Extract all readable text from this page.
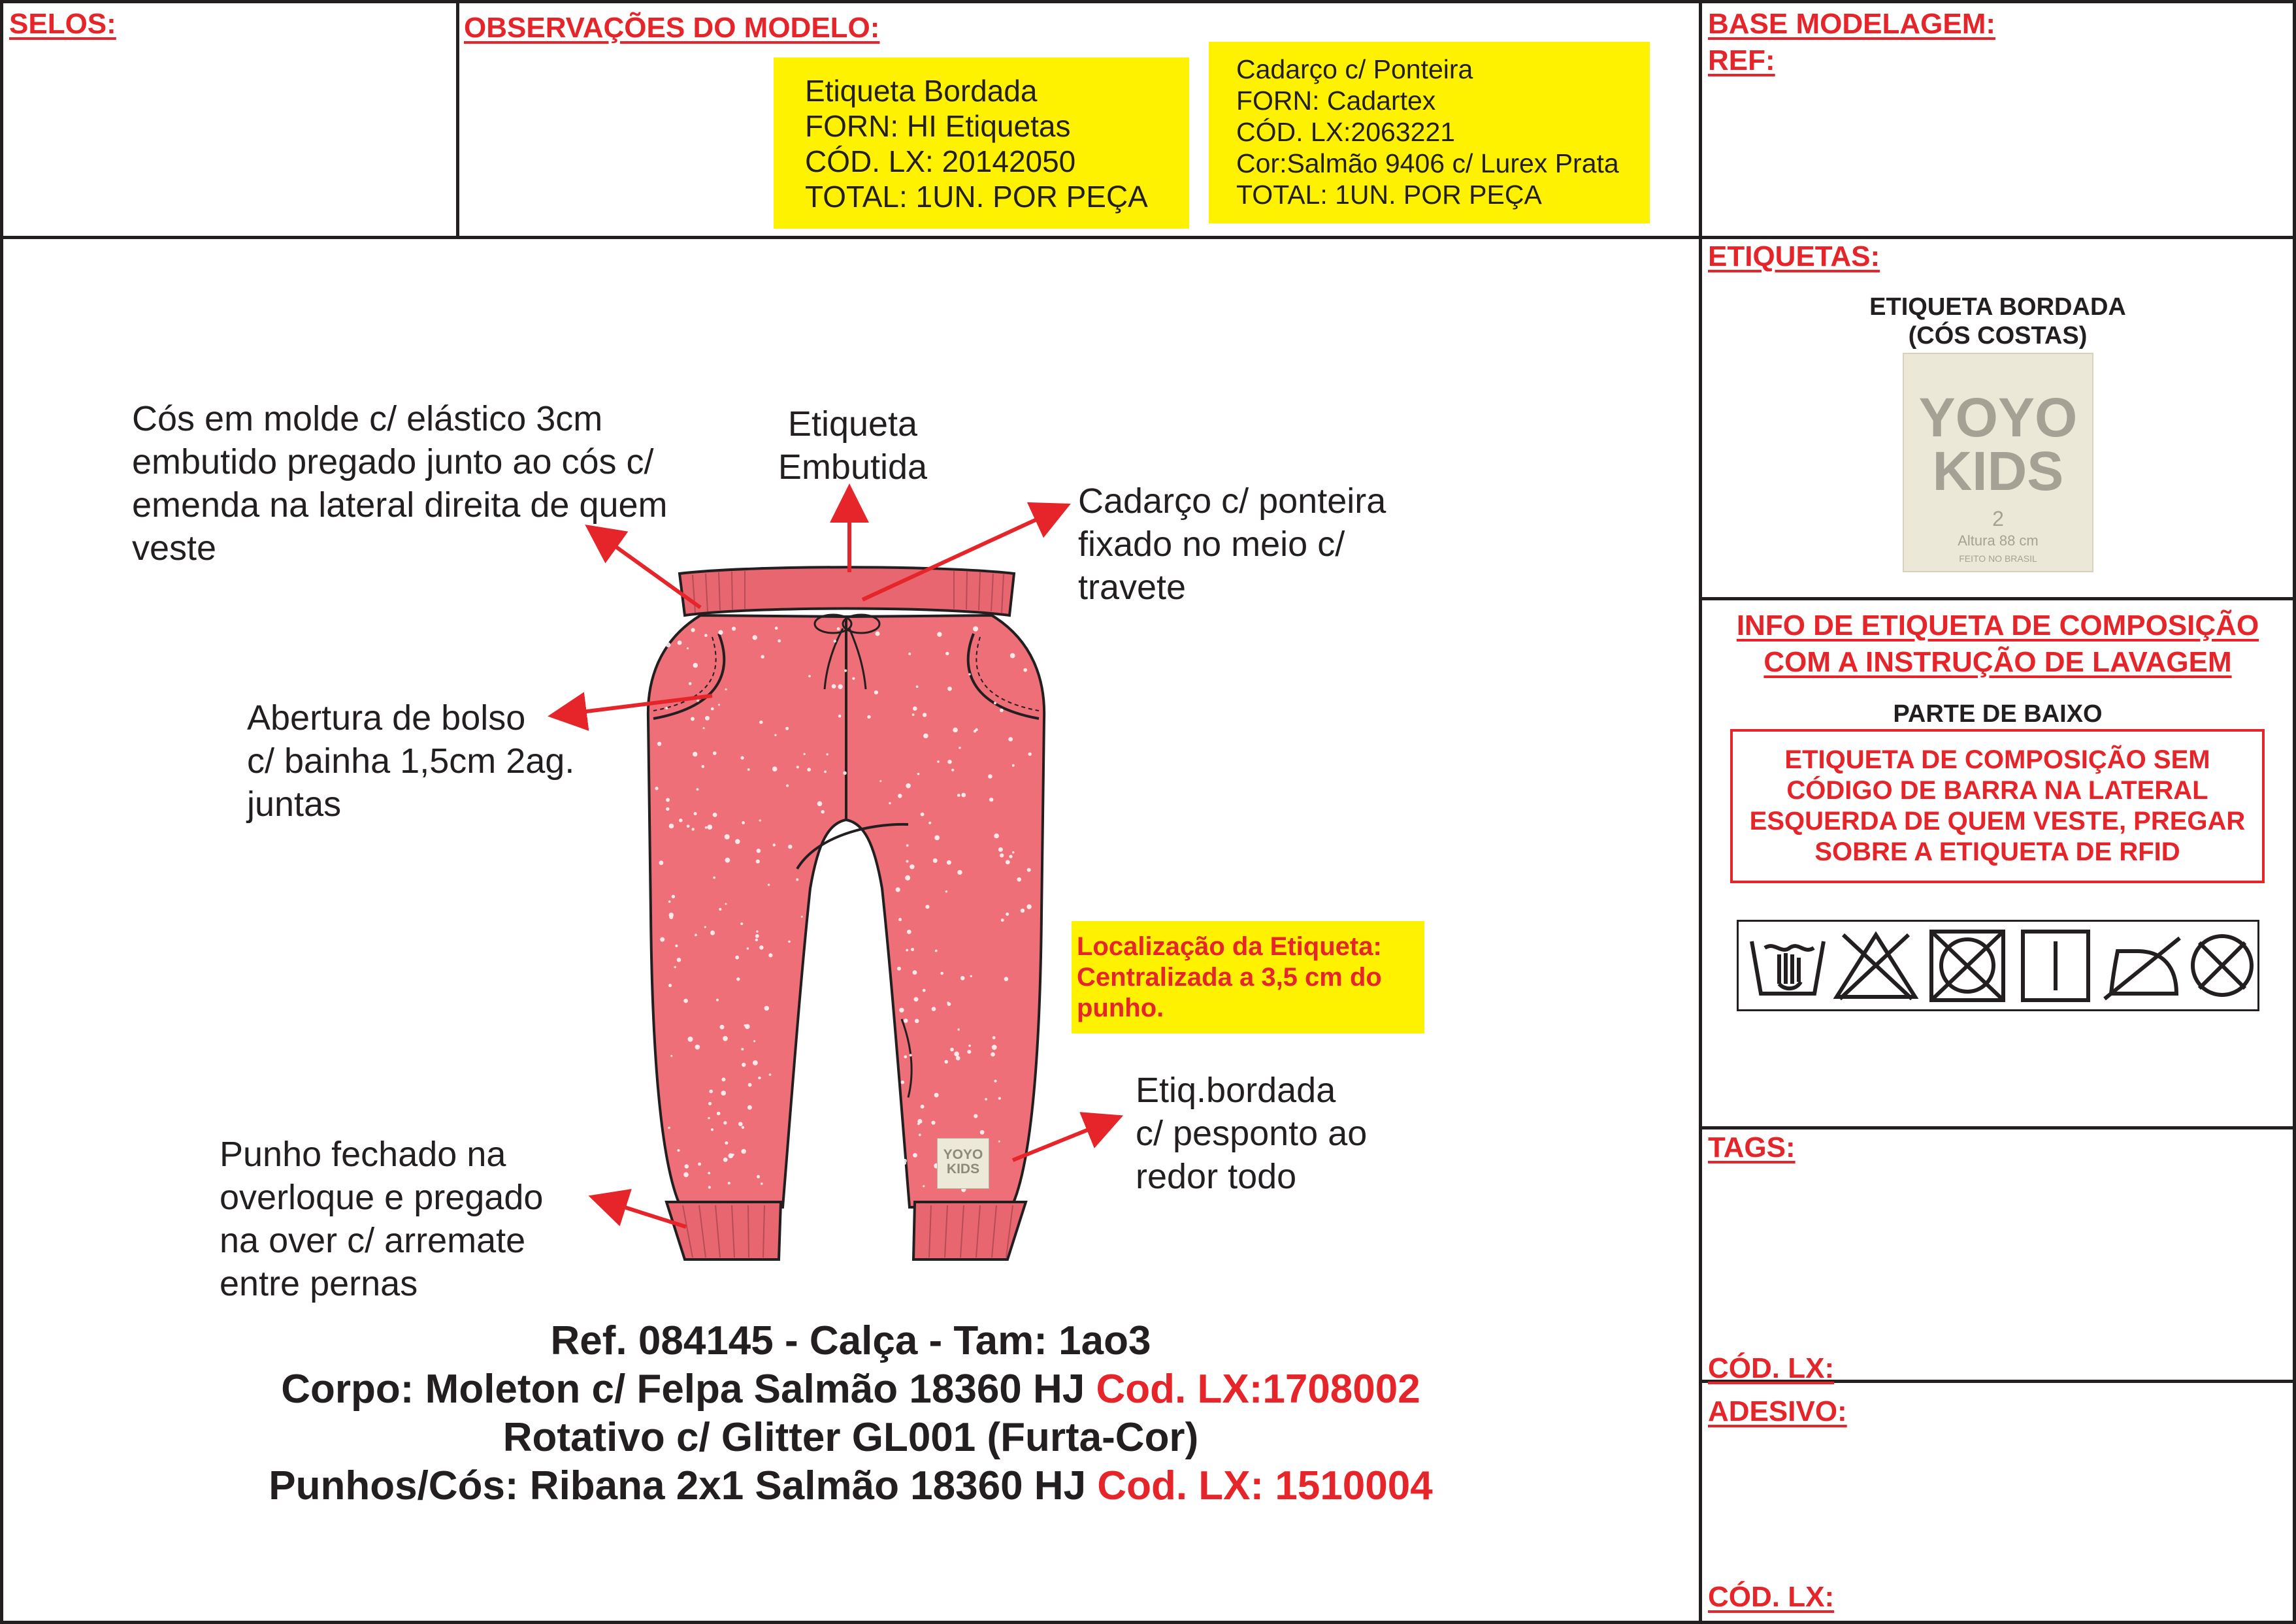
SELOS:	OBSERVAÇÕES DO MODELO:	BASE MODELAGEM:
REF:
ETIQUETAS:
INFO DE ETIQUETA DE COMPOSIÇÃO
COM A INSTRUÇÃO DE LAVAGEM
TAGS:
CÓD. LX:
ADESIVO:
CÓD. LX:
Etiqueta Bordada
FORN: HI Etiquetas
CÓD. LX: 20142050
TOTAL: 1UN. POR PEÇA
Cadarço c/ Ponteira
FORN: Cadartex
CÓD. LX:2063221
Cor:Salmão 9406 c/ Lurex Prata
TOTAL: 1UN. POR PEÇA
Localização da Etiqueta:
Centralizada a 3,5 cm do
punho.
YOYO
KIDS
Cós em molde c/ elástico 3cm
embutido pregado junto ao cós c/
emenda na lateral direita de quem
veste
Etiqueta
Embutida
Cadarço c/ ponteira
fixado no meio c/
travete
Abertura de bolso
c/ bainha 1,5cm 2ag.
juntas
Etiq.bordada
c/ pesponto ao
redor todo
Punho fechado na
overloque e pregado
na over c/ arremate
entre pernas
Ref. 084145 - Calça - Tam: 1ao3
Corpo: Moleton c/ Felpa Salmão 18360 HJ Cod. LX:1708002
Rotativo c/ Glitter GL001 (Furta-Cor)
Punhos/Cós: Ribana 2x1 Salmão 18360 HJ Cod. LX: 1510004
ETIQUETA BORDADA
(CÓS COSTAS)
YOYO
KIDS
2
Altura 88 cm
FEITO NO BRASIL
PARTE DE BAIXO
ETIQUETA DE COMPOSIÇÃO SEM
CÓDIGO DE BARRA NA LATERAL
ESQUERDA DE QUEM VESTE, PREGAR
SOBRE A ETIQUETA DE RFID
